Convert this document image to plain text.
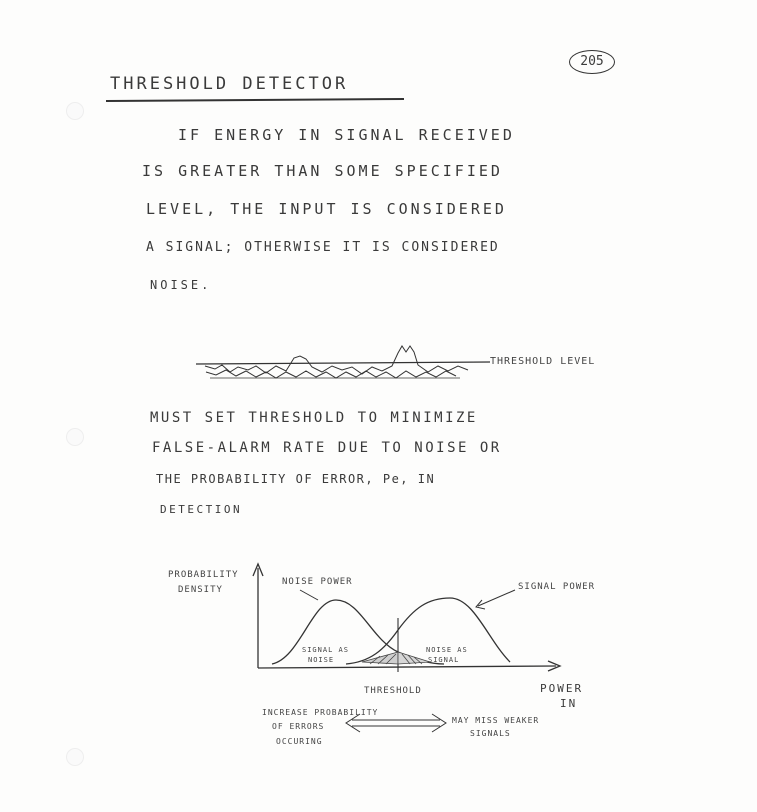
205
THRESHOLD DETECTOR
IF ENERGY IN SIGNAL RECEIVED
IS GREATER THAN SOME SPECIFIED
LEVEL, THE INPUT IS CONSIDERED
A SIGNAL; OTHERWISE IT IS CONSIDERED
NOISE.
THRESHOLD LEVEL
MUST SET THRESHOLD TO MINIMIZE
FALSE-ALARM RATE DUE TO NOISE OR
THE PROBABILITY OF ERROR, Pe, IN
DETECTION
PROBABILITY
DENSITY
NOISE POWER	SIGNAL POWER
SIGNAL AS
NOISE
NOISE AS
SIGNAL
THRESHOLD	POWER
IN
INCREASE PROBABILITY
OF ERRORS
OCCURING
MAY MISS WEAKER
SIGNALS
